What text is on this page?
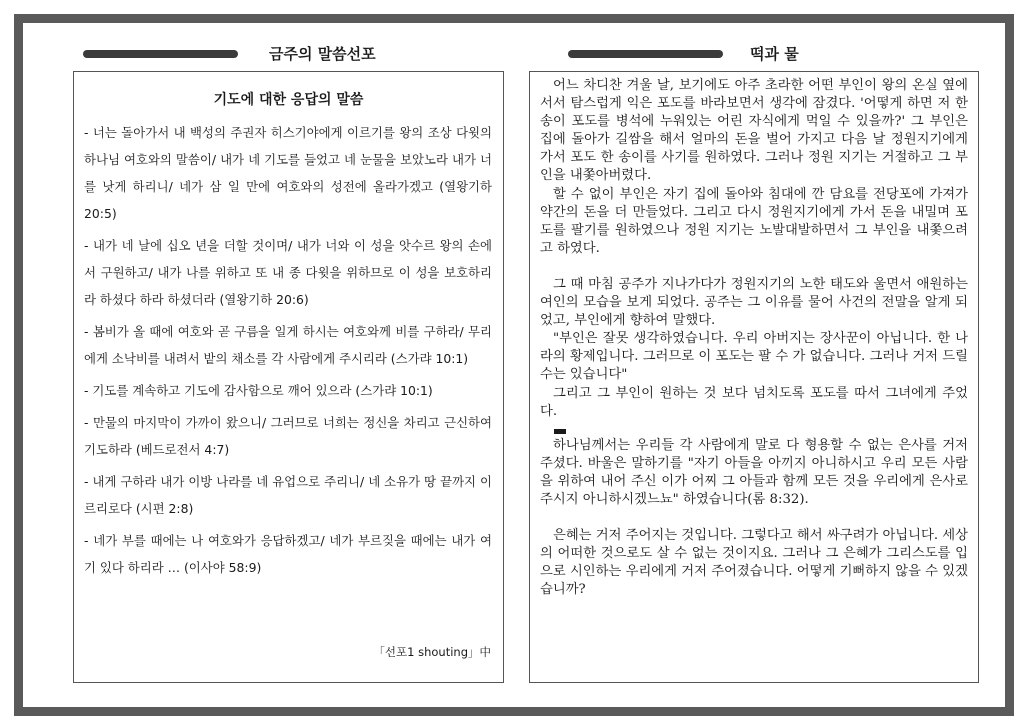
금주의 말씀선포	떡과 물
기도에 대한 응답의 말씀
- 너는 돌아가서 내 백성의 주권자 히스기야에게 이르기를 왕의 조상 다윗의 하나님 여호와의 말씀이/ 내가 네 기도를 들었고 네 눈물을 보았노라 내가 너를 낫게 하리니/ 네가 삼 일 만에 여호와의 성전에 올라가겠고 (열왕기하 20:5)
- 내가 네 날에 십오 년을 더할 것이며/ 내가 너와 이 성을 앗수르 왕의 손에서 구원하고/ 내가 나를 위하고 또 내 종 다윗을 위하므로 이 성을 보호하리라 하셨다 하라 하셨더라 (열왕기하 20:6)
- 봄비가 올 때에 여호와 곧 구름을 일게 하시는 여호와께 비를 구하라/ 무리에게 소낙비를 내려서 밭의 채소를 각 사람에게 주시리라 (스가랴 10:1)
- 기도를 계속하고 기도에 감사함으로 깨어 있으라 (스가랴 10:1)
- 만물의 마지막이 가까이 왔으니/ 그러므로 너희는 정신을 차리고 근신하여 기도하라 (베드로전서 4:7)
- 내게 구하라 내가 이방 나라를 네 유업으로 주리니/ 네 소유가 땅 끝까지 이르리로다 (시편 2:8)
- 네가 부를 때에는 나 여호와가 응답하겠고/ 네가 부르짖을 때에는 내가 여기 있다 하리라 … (이사야 58:9)
「선포1 shouting」中

어느 차디찬 겨울 날, 보기에도 아주 초라한 어떤 부인이 왕의 온실 옆에 서서 탐스럽게 익은 포도를 바라보면서 생각에 잠겼다. '어떻게 하면 저 한 송이 포도를 병석에 누워있는 어린 자식에게 먹일 수 있을까?' 그 부인은 집에 돌아가 길쌈을 해서 얼마의 돈을 벌어 가지고 다음 날 정원지기에게 가서 포도 한 송이를 사기를 원하였다. 그러나 정원 지기는 거절하고 그 부인을 내쫓아버렸다.

할 수 없이 부인은 자기 집에 돌아와 침대에 깐 담요를 전당포에 가져가 약간의 돈을 더 만들었다. 그리고 다시 정원지기에게 가서 돈을 내밀며 포도를 팔기를 원하였으나 정원 지기는 노발대발하면서 그 부인을 내쫓으려고 하였다.

그 때 마침 공주가 지나가다가 정원지기의 노한 태도와 울면서 애원하는 여인의 모습을 보게 되었다. 공주는 그 이유를 물어 사건의 전말을 알게 되었고, 부인에게 향하여 말했다.

"부인은 잘못 생각하였습니다. 우리 아버지는 장사꾼이 아닙니다. 한 나라의 황제입니다. 그러므로 이 포도는 팔 수 가 없습니다. 그러나 거저 드릴 수는 있습니다"

그리고 그 부인이 원하는 것 보다 넘치도록 포도를 따서 그녀에게 주었다.

하나님께서는 우리들 각 사람에게 말로 다 형용할 수 없는 은사를 거저 주셨다. 바울은 말하기를 "자기 아들을 아끼지 아니하시고 우리 모든 사람을 위하여 내어 주신 이가 어찌 그 아들과 함께 모든 것을 우리에게 은사로 주시지 아니하시겠느뇨" 하였습니다(롬 8:32).

은혜는 거저 주어지는 것입니다. 그렇다고 해서 싸구려가 아닙니다. 세상의 어떠한 것으로도 살 수 없는 것이지요. 그러나 그 은혜가 그리스도를 입으로 시인하는 우리에게 거저 주어졌습니다. 어떻게 기뻐하지 않을 수 있겠습니까?
